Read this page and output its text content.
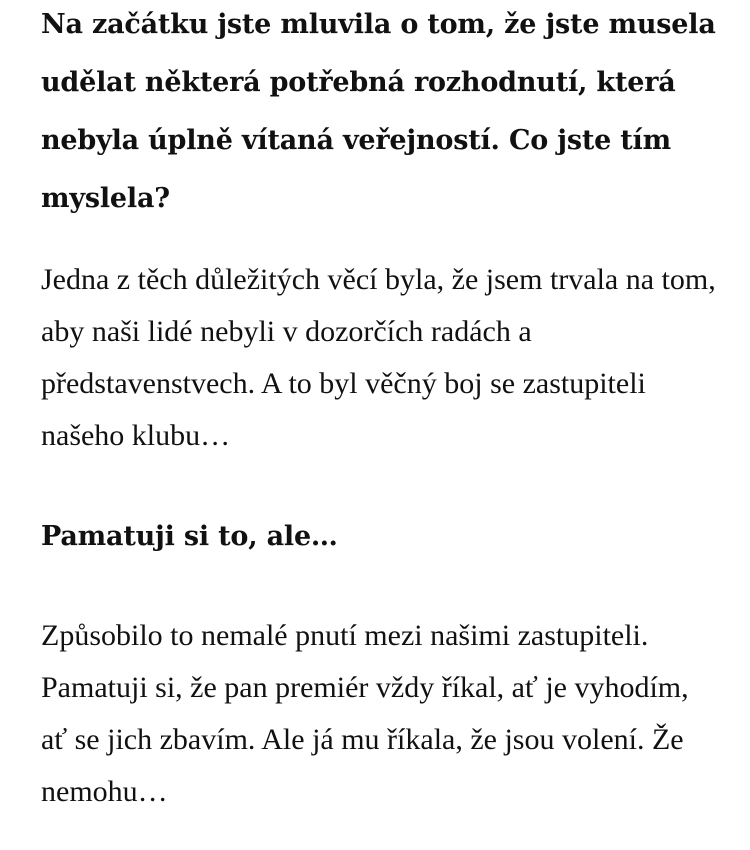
Na začátku jste mluvila o tom, že jste musela udělat některá potřebná rozhodnutí, která nebyla úplně vítaná veřejností. Co jste tím myslela?

Jedna z těch důležitých věcí byla, že jsem trvala na tom, aby naši lidé nebyli v dozorčích radách a představenstvech. A to byl věčný boj se zastupiteli našeho klubu…

Pamatuji si to, ale…

Způsobilo to nemalé pnutí mezi našimi zastupiteli. Pamatuji si, že pan premiér vždy říkal, ať je vyhodím, ať se jich zbavím. Ale já mu říkala, že jsou volení. Že nemohu…
